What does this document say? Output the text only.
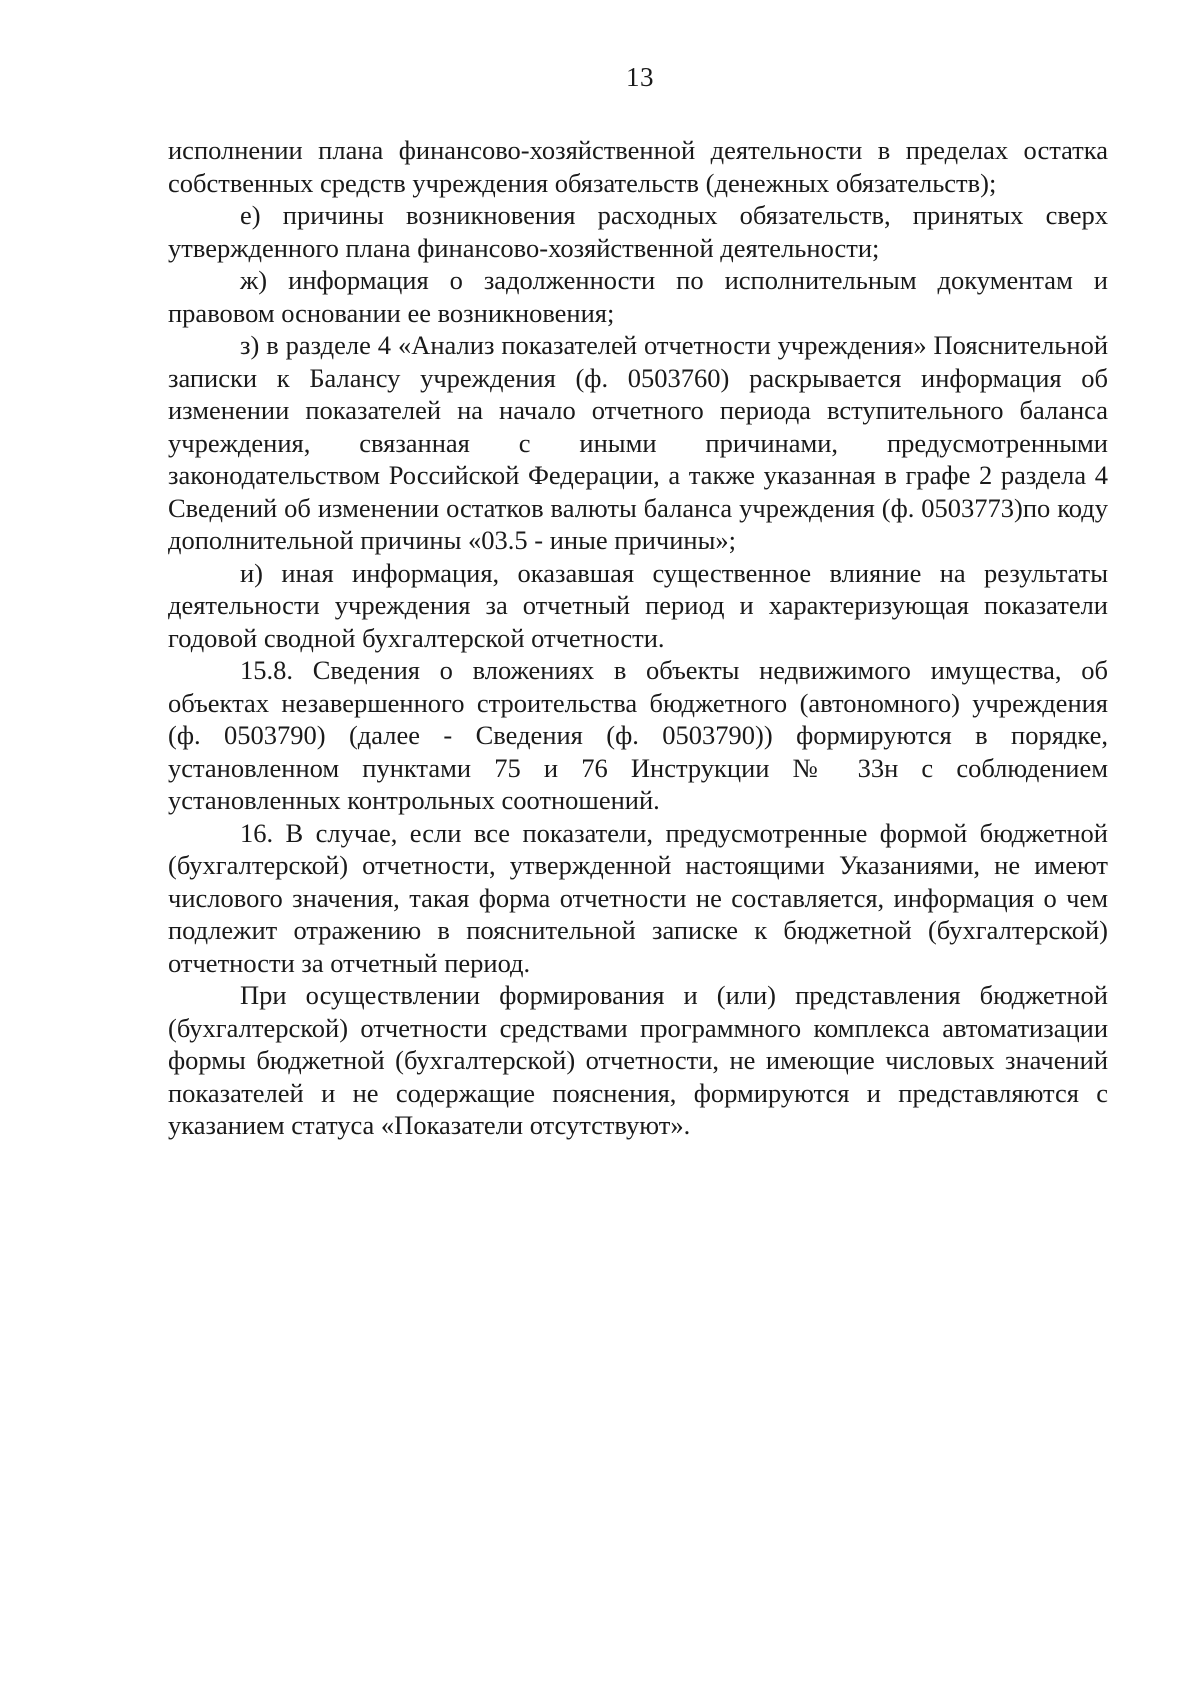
13

исполнении плана финансово-хозяйственной деятельности в пределах остатка собственных средств учреждения обязательств (денежных обязательств);

е) причины возникновения расходных обязательств, принятых сверх утвержденного плана финансово-хозяйственной деятельности;

ж) информация о задолженности по исполнительным документам и правовом основании ее возникновения;

з) в разделе 4 «Анализ показателей отчетности учреждения» Пояснительной записки к Балансу учреждения (ф. 0503760) раскрывается информация об изменении показателей на начало отчетного периода вступительного баланса учреждения, связанная с иными причинами, предусмотренными законодательством Российской Федерации, а также указанная в графе 2 раздела 4 Сведений об изменении остатков валюты баланса учреждения (ф. 0503773)по коду дополнительной причины «03.5 - иные причины»;

и) иная информация, оказавшая существенное влияние на результаты деятельности учреждения за отчетный период и характеризующая показатели годовой сводной бухгалтерской отчетности.

15.8. Сведения о вложениях в объекты недвижимого имущества, об объектах незавершенного строительства бюджетного (автономного) учреждения (ф. 0503790) (далее - Сведения (ф. 0503790)) формируются в порядке, установленном пунктами 75 и 76 Инструкции № 33н с соблюдением установленных контрольных соотношений.

16. В случае, если все показатели, предусмотренные формой бюджетной (бухгалтерской) отчетности, утвержденной настоящими Указаниями, не имеют числового значения, такая форма отчетности не составляется, информация о чем подлежит отражению в пояснительной записке к бюджетной (бухгалтерской) отчетности за отчетный период.

При осуществлении формирования и (или) представления бюджетной (бухгалтерской) отчетности средствами программного комплекса автоматизации формы бюджетной (бухгалтерской) отчетности, не имеющие числовых значений показателей и не содержащие пояснения, формируются и представляются с указанием статуса «Показатели отсутствуют».
